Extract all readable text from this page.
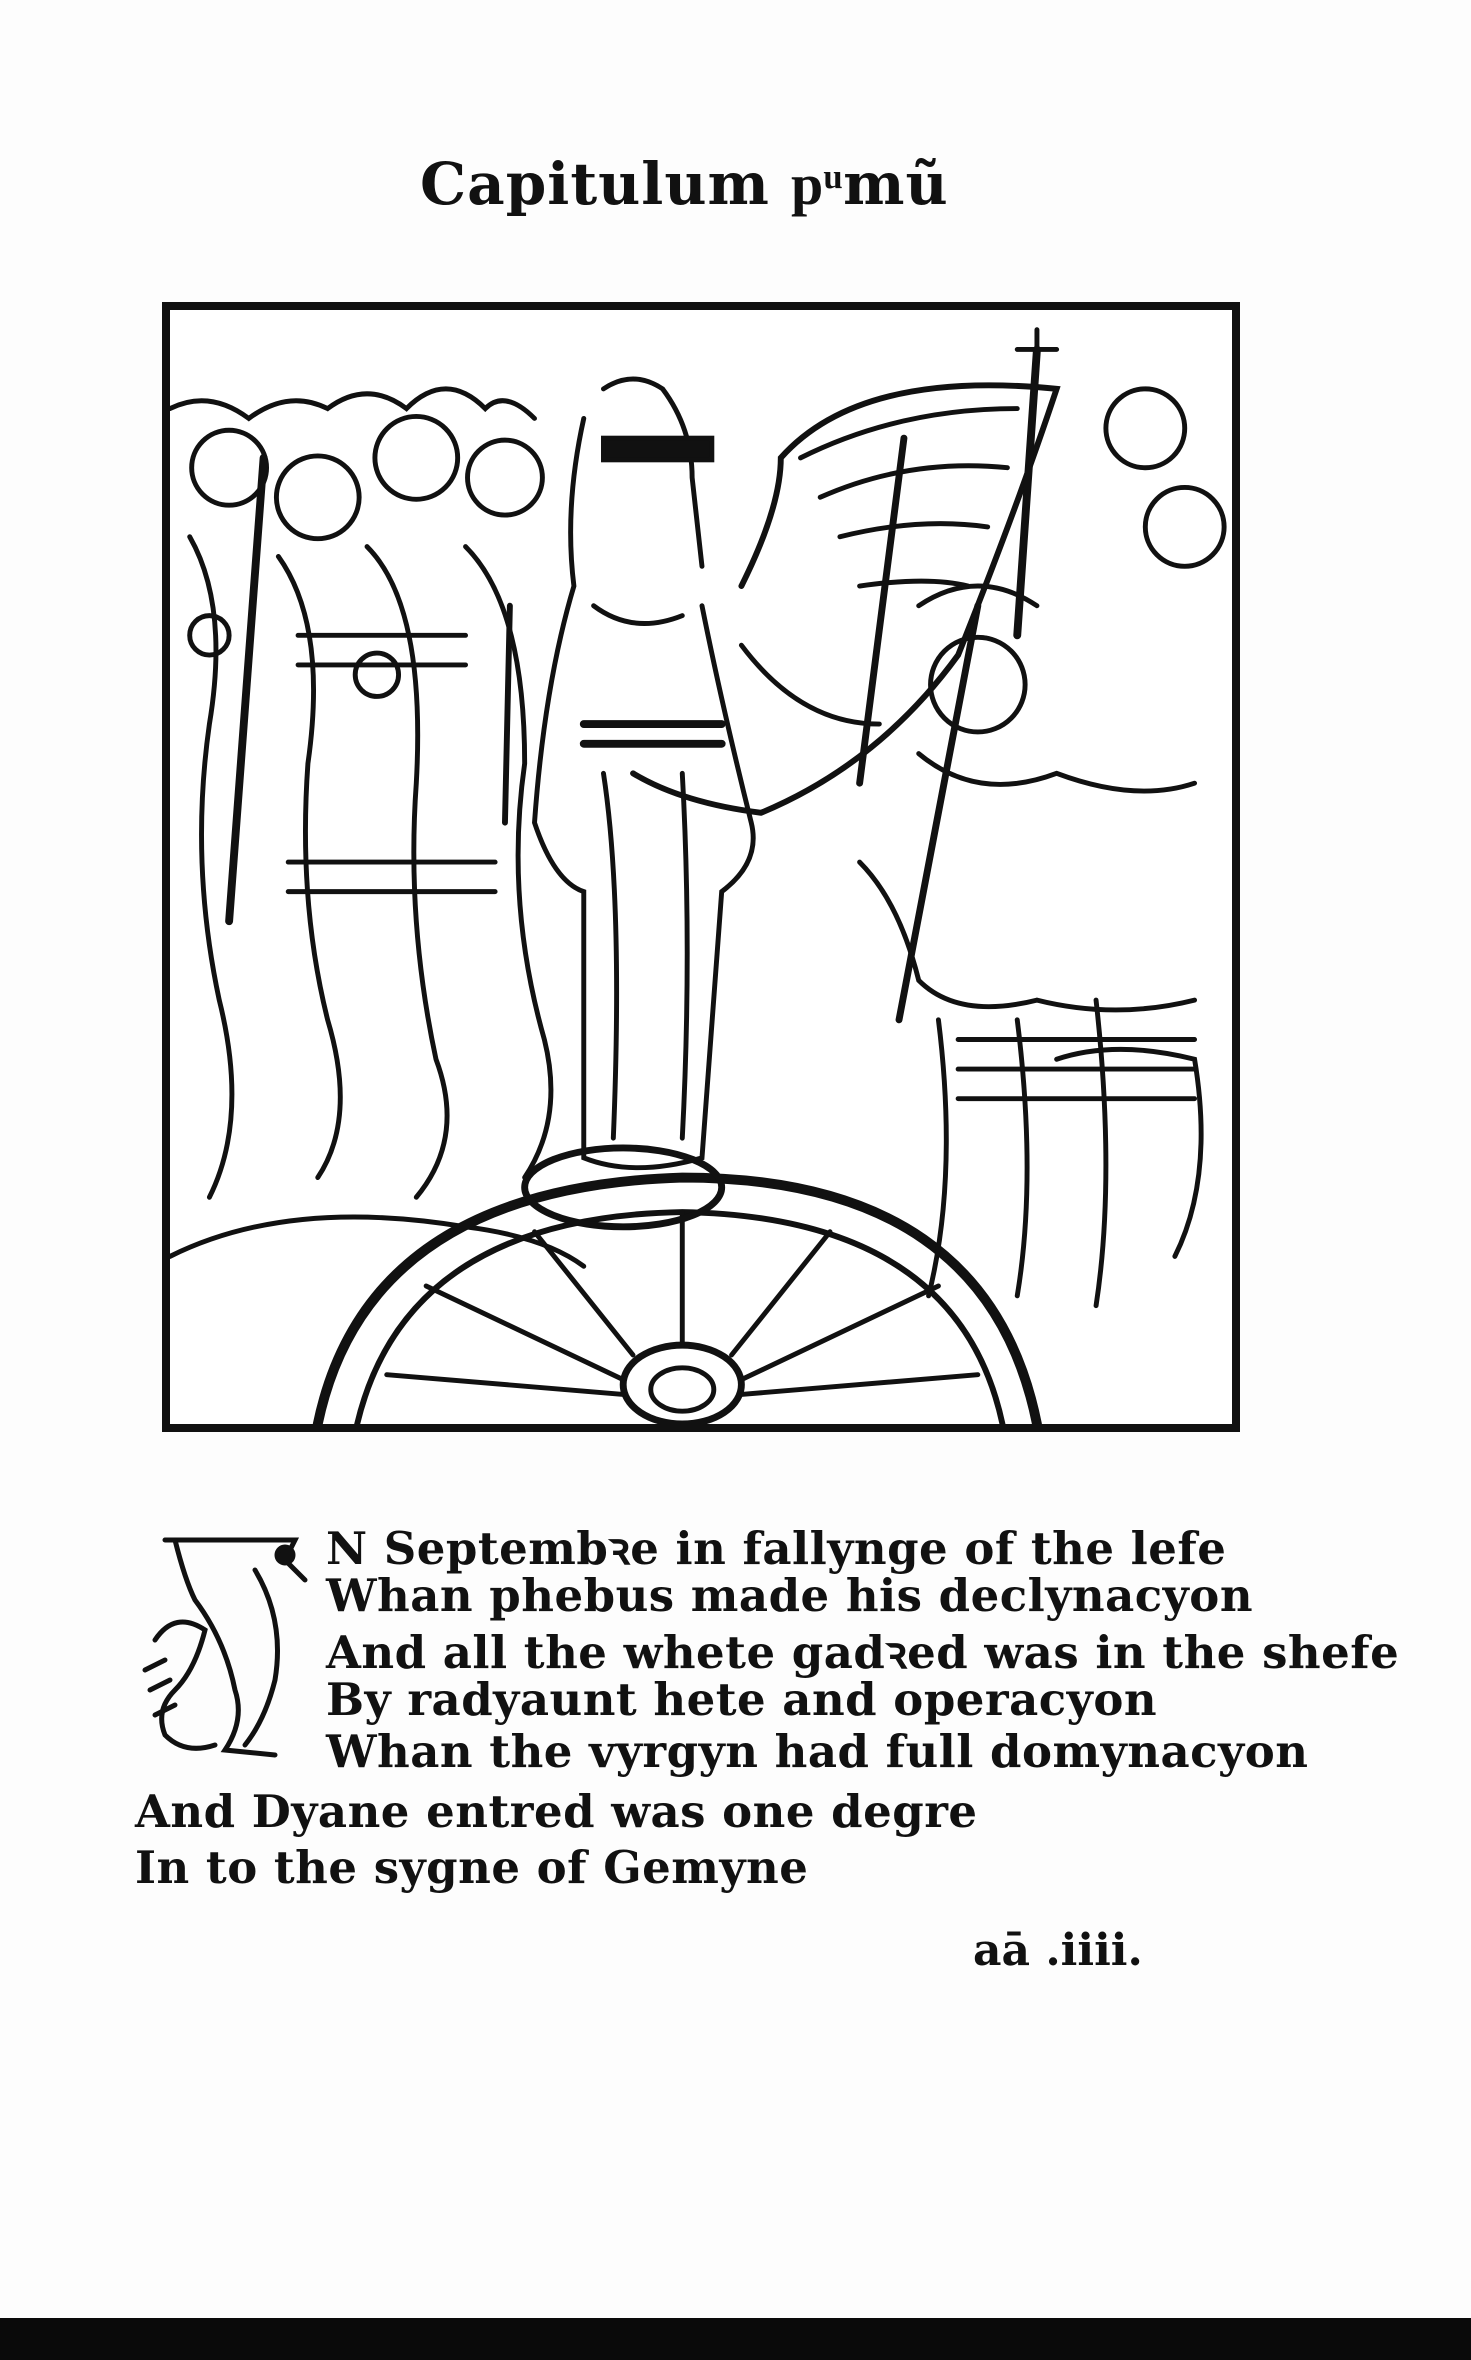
Capitulum pͧmũ
N Septembꝛe in fallynge of the lefe
Whan phebus made his declynacyon
And all the whete gadꝛed was in the shefe
By radyaunt hete and operacyon
Whan the vyrgyn had full domynacyon
And Dyane entred was one degre
In to the sygne of Gemyne
aā .iiii.
